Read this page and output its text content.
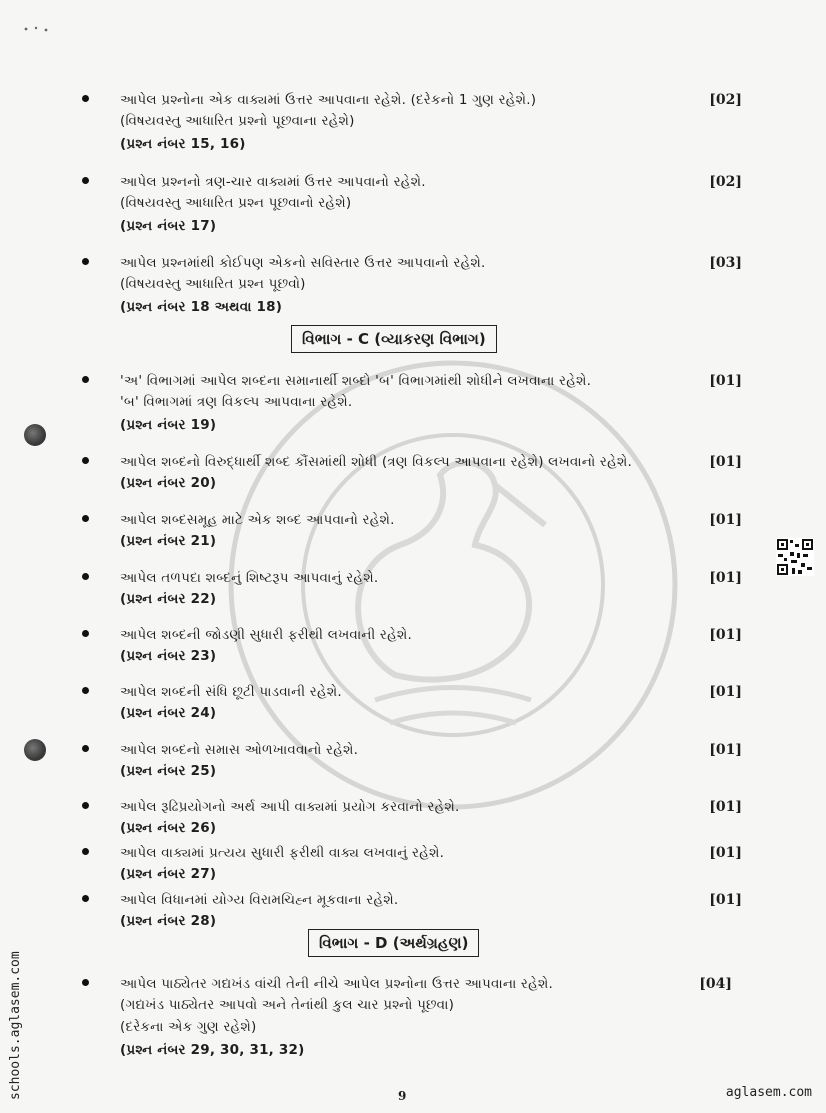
આપેલ પ્રશ્નોના એક વાક્યમાં ઉત્તર આપવાના રહેશે. (દરેકનો 1 ગુણ રહેશે.)
(વિષયવસ્તુ આધારિત પ્રશ્નો પૂછવાના રહેશે)
(પ્રશ્ન નંબર 15, 16)
[02]
આપેલ પ્રશ્નનો ત્રણ-ચાર વાક્યમાં ઉત્તર આપવાનો રહેશે.
(વિષયવસ્તુ આધારિત પ્રશ્ન પૂછવાનો રહેશે)
(પ્રશ્ન નંબર 17)
[02]
આપેલ પ્રશ્નમાંથી કોઈપણ એકનો સવિસ્તાર ઉત્તર આપવાનો રહેશે.
(વિષયવસ્તુ આધારિત પ્રશ્ન પૂછવો)
(પ્રશ્ન નંબર 18 અથવા 18)
[03]
વિભાગ - C (વ્યાકરણ વિભાગ)
'અ' વિભાગમાં આપેલ શબ્દના સમાનાર્થી શબ્દો 'બ' વિભાગમાંથી શોધીને લખવાના રહેશે.
'બ' વિભાગમાં ત્રણ વિકલ્પ આપવાના રહેશે.
(પ્રશ્ન નંબર 19)
[01]
આપેલ શબ્દનો વિરુદ્ધાર્થી શબ્દ કૌંસમાંથી શોધી (ત્રણ વિકલ્પ આપવાના રહેશે) લખવાનો રહેશે.
(પ્રશ્ન નંબર 20)
[01]
આપેલ શબ્દસમૂહ માટે એક શબ્દ આપવાનો રહેશે.
(પ્રશ્ન નંબર 21)
[01]
આપેલ તળપદા શબ્દનું શિષ્ટરૂપ આપવાનું રહેશે.
(પ્રશ્ન નંબર 22)
[01]
આપેલ શબ્દની જોડણી સુધારી ફરીથી લખવાની રહેશે.
(પ્રશ્ન નંબર 23)
[01]
આપેલ શબ્દની સંધિ છૂટી પાડવાની રહેશે.
(પ્રશ્ન નંબર 24)
[01]
આપેલ શબ્દનો સમાસ ઓળખાવવાનો રહેશે.
(પ્રશ્ન નંબર 25)
[01]
આપેલ રૂઢિપ્રયોગનો અર્થ આપી વાક્યમાં પ્રયોગ કરવાનો રહેશે.
(પ્રશ્ન નંબર 26)
[01]
આપેલ વાક્યમાં પ્રત્યય સુધારી ફરીથી વાક્ય લખવાનું રહેશે.
(પ્રશ્ન નંબર 27)
[01]
આપેલ વિધાનમાં યોગ્ય વિરામચિહ્ન મૂકવાના રહેશે.
(પ્રશ્ન નંબર 28)
[01]
વિભાગ - D (અર્થગ્રહણ)
આપેલ પાઠ્યેતર ગદ્યખંડ વાંચી તેની નીચે આપેલ પ્રશ્નોના ઉત્તર આપવાના રહેશે.
(ગદ્યખંડ પાઠ્યેતર આપવો અને તેનાંથી કુલ ચાર પ્રશ્નો પૂછવા)
(દરેકના એક ગુણ રહેશે)
(પ્રશ્ન નંબર 29, 30, 31, 32)
[04]
schools.aglasem.com	9	aglasem.com
